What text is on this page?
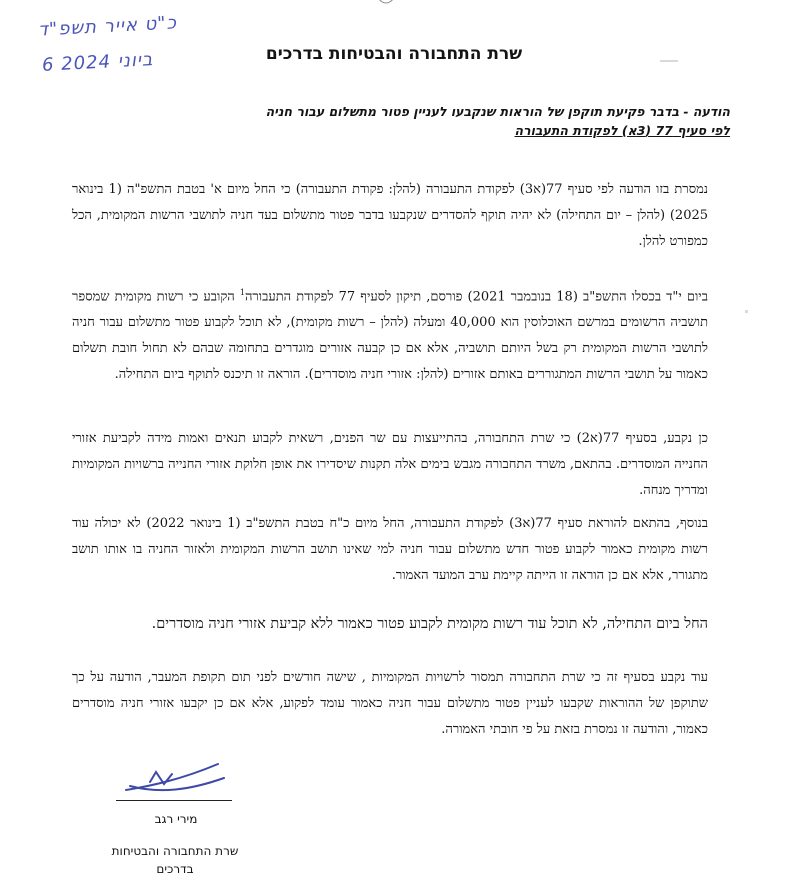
כ"ט אייר תשפ"ד
6 ביוני 2024	שרת התחבורה והבטיחות בדרכים
הודעה - בדבר פקיעת תוקפן של הוראות שנקבעו לעניין פטור מתשלום עבור חניה
לפי סעיף 77 (3א) לפקודת התעבורה
נמסרת בזו הודעה לפי סעיף 77(א3) לפקודת התעבורה (להלן: פקודת התעבורה) כי החל מיום א' בטבת התשפ"ה (1 בינואר 2025) (להלן – יום התחילה) לא יהיה תוקף להסדרים שנקבעו בדבר פטור מתשלום בעד חניה לתושבי הרשות המקומית, הכל כמפורט להלן.
ביום י"ד בכסלו התשפ"ב (18 בנובמבר 2021) פורסם, תיקון לסעיף 77 לפקודת התעבורה$^1$ הקובע כי רשות מקומית שמספר תושביה הרשומים במרשם האוכלוסין הוא 40,000 ומעלה (להלן – רשות מקומית), לא תוכל לקבוע פטור מתשלום עבור חניה לתושבי הרשות המקומית רק בשל היותם תושביה, אלא אם כן קבעה אזורים מוגדרים בתחומה שבהם לא תחול חובת תשלום כאמור על תושבי הרשות המתגוררים באותם אזורים (להלן: אזורי חניה מוסדרים). הוראה זו תיכנס לתוקף ביום התחילה.
כן נקבע, בסעיף 77(א2) כי שרת התחבורה, בהתייעצות עם שר הפנים, רשאית לקבוע תנאים ואמות מידה לקביעת אזורי החנייה המוסדרים. בהתאם, משרד התחבורה מגבש בימים אלה תקנות שיסדירו את אופן חלוקת אזורי החנייה ברשויות המקומיות ומדריך מנחה.
בנוסף, בהתאם להוראת סעיף 77(א3) לפקודת התעבורה, החל מיום כ"ח בטבת התשפ"ב (1 בינואר 2022) לא יכולה עוד רשות מקומית כאמור לקבוע פטור חדש מתשלום עבור חניה למי שאינו תושב הרשות המקומית ולאזור החניה בו אותו תושב מתגורר, אלא אם כן הוראה זו הייתה קיימת ערב המועד האמור.
החל ביום התחילה, לא תוכל עוד רשות מקומית לקבוע פטור כאמור ללא קביעת אזורי חניה מוסדרים.
עוד נקבע בסעיף זה כי שרת התחבורה תמסור לרשויות המקומיות , שישה חודשים לפני תום תקופת המעבר, הודעה על כך שתוקפן של ההוראות שקבעו לעניין פטור מתשלום עבור חניה כאמור עומד לפקוע, אלא אם כן יקבעו אזורי חניה מוסדרים כאמור, והודעה זו נמסרת בזאת על פי חובתי האמורה.
מירי רגב
שרת התחבורה והבטיחות
בדרכים
